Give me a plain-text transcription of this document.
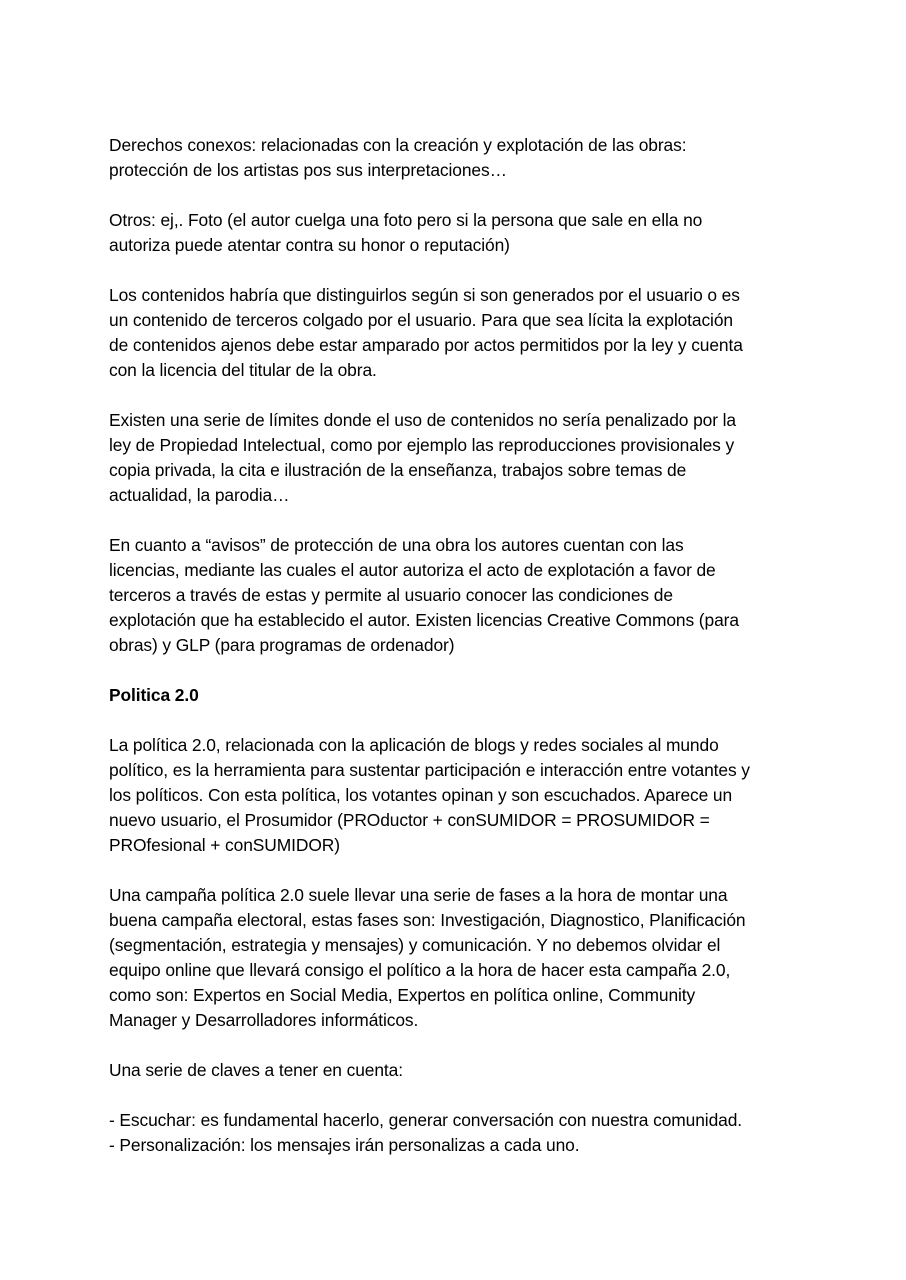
Derechos conexos: relacionadas con la creación y explotación de las obras:
protección de los artistas pos sus interpretaciones…

Otros: ej,. Foto (el autor cuelga una foto pero si la persona que sale en ella no
autoriza puede atentar contra su honor o reputación)

Los contenidos habría que distinguirlos según si son generados por el usuario o es
un contenido de terceros colgado por el usuario. Para que sea lícita la explotación
de contenidos ajenos debe estar amparado por actos permitidos por la ley y cuenta
con la licencia del titular de la obra.

Existen una serie de límites donde el uso de contenidos no sería penalizado por la
ley de Propiedad Intelectual, como por ejemplo las reproducciones provisionales y
copia privada, la cita e ilustración de la enseñanza, trabajos sobre temas de
actualidad, la parodia…

En cuanto a “avisos” de protección de una obra los autores cuentan con las
licencias, mediante las cuales el autor autoriza el acto de explotación a favor de
terceros a través de estas y permite al usuario conocer las condiciones de
explotación que ha establecido el autor. Existen licencias Creative Commons (para
obras) y GLP (para programas de ordenador)

Politica 2.0

La política 2.0, relacionada con la aplicación de blogs y redes sociales al mundo
político, es la herramienta para sustentar participación e interacción entre votantes y
los políticos. Con esta política, los votantes opinan y son escuchados. Aparece un
nuevo usuario, el Prosumidor (PROductor + conSUMIDOR = PROSUMIDOR =
PROfesional + conSUMIDOR)

Una campaña política 2.0 suele llevar una serie de fases a la hora de montar una
buena campaña electoral, estas fases son: Investigación, Diagnostico, Planificación
(segmentación, estrategia y mensajes) y comunicación. Y no debemos olvidar el
equipo online que llevará consigo el político a la hora de hacer esta campaña 2.0,
como son: Expertos en Social Media, Expertos en política online, Community
Manager y Desarrolladores informáticos.

Una serie de claves a tener en cuenta:

- Escuchar: es fundamental hacerlo, generar conversación con nuestra comunidad.
- Personalización: los mensajes irán personalizas a cada uno.
